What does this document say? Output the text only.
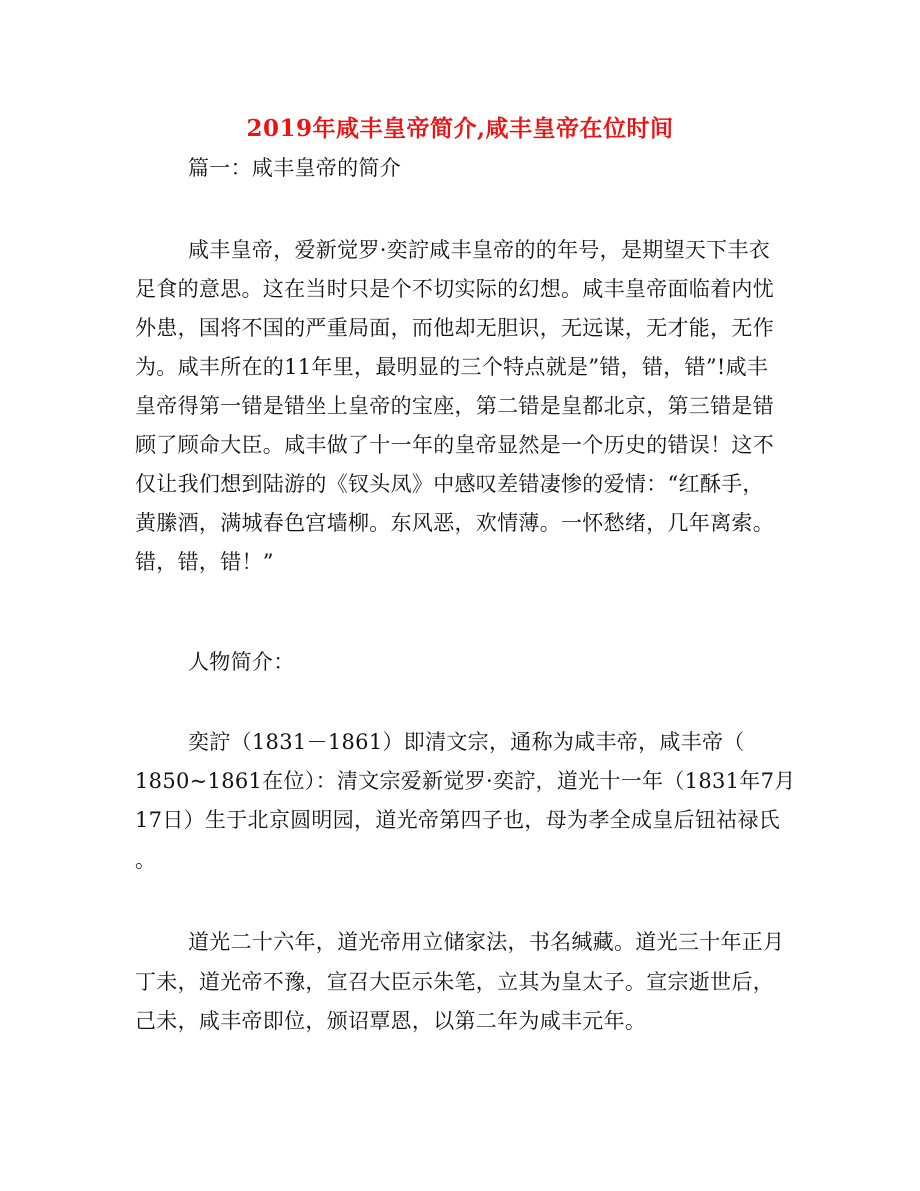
2019年咸丰皇帝简介,咸丰皇帝在位时间
篇一：咸丰皇帝的简介
咸丰皇帝，爱新觉罗·奕詝咸丰皇帝的的年号，是期望天下丰衣
足食的意思。这在当时只是个不切实际的幻想。咸丰皇帝面临着内忧
外患，国将不国的严重局面，而他却无胆识，无远谋，无才能，无作
为。咸丰所在的11年里，最明显的三个特点就是”错，错，错”!咸丰
皇帝得第一错是错坐上皇帝的宝座，第二错是皇都北京，第三错是错
顾了顾命大臣。咸丰做了十一年的皇帝显然是一个历史的错误！这不
仅让我们想到陆游的《钗头凤》中感叹差错凄惨的爱情：“红酥手，
黄縢酒，满城春色宫墙柳。东风恶，欢情薄。一怀愁绪，几年离索。
错，错，错！”
人物简介：
奕詝（1831－1861）即清文宗，通称为咸丰帝，咸丰帝（
1850~1861在位）：清文宗爱新觉罗·奕詝，道光十一年（1831年7月
17日）生于北京圆明园，道光帝第四子也，母为孝全成皇后钮祜禄氏
。
道光二十六年，道光帝用立储家法，书名缄藏。道光三十年正月
丁未，道光帝不豫，宣召大臣示朱笔，立其为皇太子。宣宗逝世后，
己未，咸丰帝即位，颁诏覃恩，以第二年为咸丰元年。
